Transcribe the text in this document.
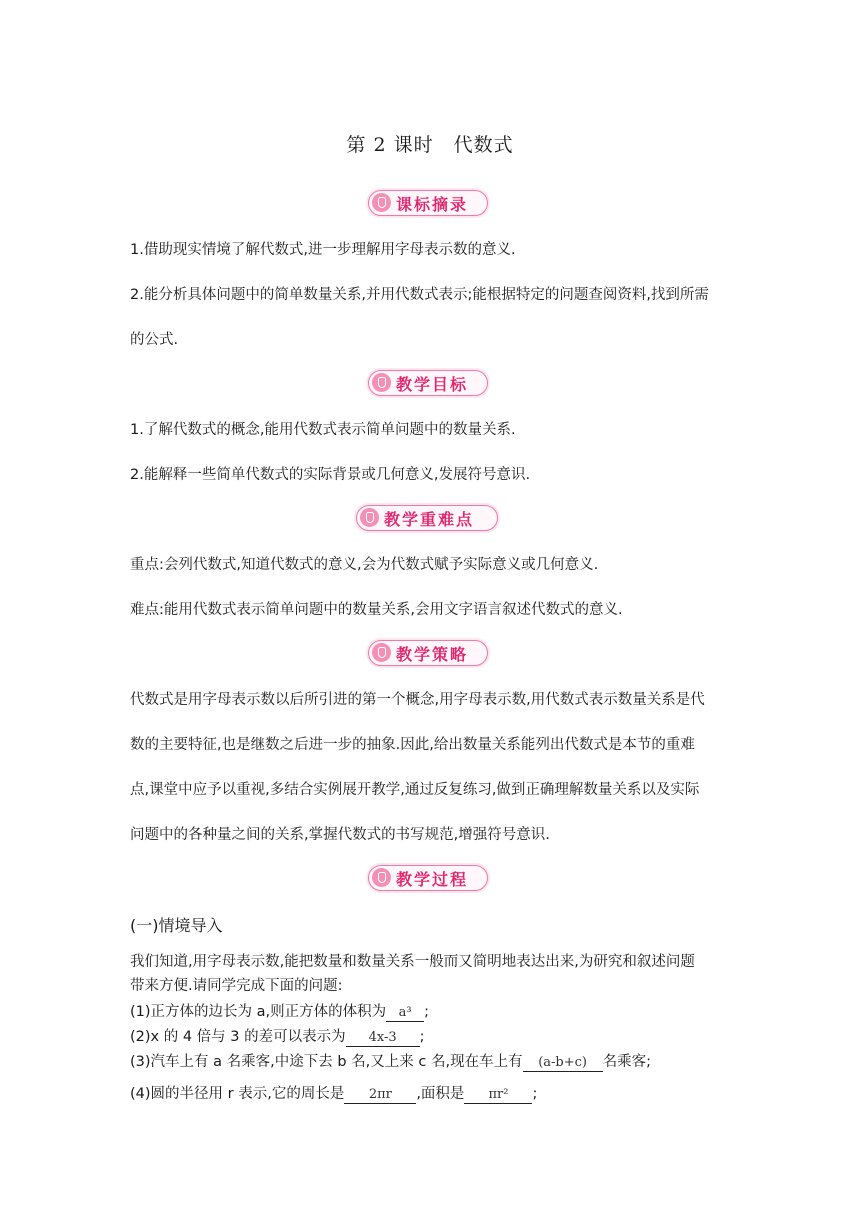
第 2 课时　代数式
课标摘录
1.借助现实情境了解代数式,进一步理解用字母表示数的意义.
2.能分析具体问题中的简单数量关系,并用代数式表示;能根据特定的问题查阅资料,找到所需
的公式.
教学目标
1.了解代数式的概念,能用代数式表示简单问题中的数量关系.
2.能解释一些简单代数式的实际背景或几何意义,发展符号意识.
教学重难点
重点:会列代数式,知道代数式的意义,会为代数式赋予实际意义或几何意义.
难点:能用代数式表示简单问题中的数量关系,会用文字语言叙述代数式的意义.
教学策略
代数式是用字母表示数以后所引进的第一个概念,用字母表示数,用代数式表示数量关系是代
数的主要特征,也是继数之后进一步的抽象.因此,给出数量关系能列出代数式是本节的重难
点,课堂中应予以重视,多结合实例展开教学,通过反复练习,做到正确理解数量关系以及实际
问题中的各种量之间的关系,掌握代数式的书写规范,增强符号意识.
教学过程
(一)情境导入
我们知道,用字母表示数,能把数量和数量关系一般而又简明地表达出来,为研究和叙述问题
带来方便.请同学完成下面的问题:
(1)正方体的边长为 a,则正方体的体积为 a³ ;
(2)x 的 4 倍与 3 的差可以表示为 4x-3 ;
(3)汽车上有 a 名乘客,中途下去 b 名,又上来 c 名,现在车上有 (a-b+c) 名乘客;
(4)圆的半径用 r 表示,它的周长是 2πr ,面积是 πr² ;
